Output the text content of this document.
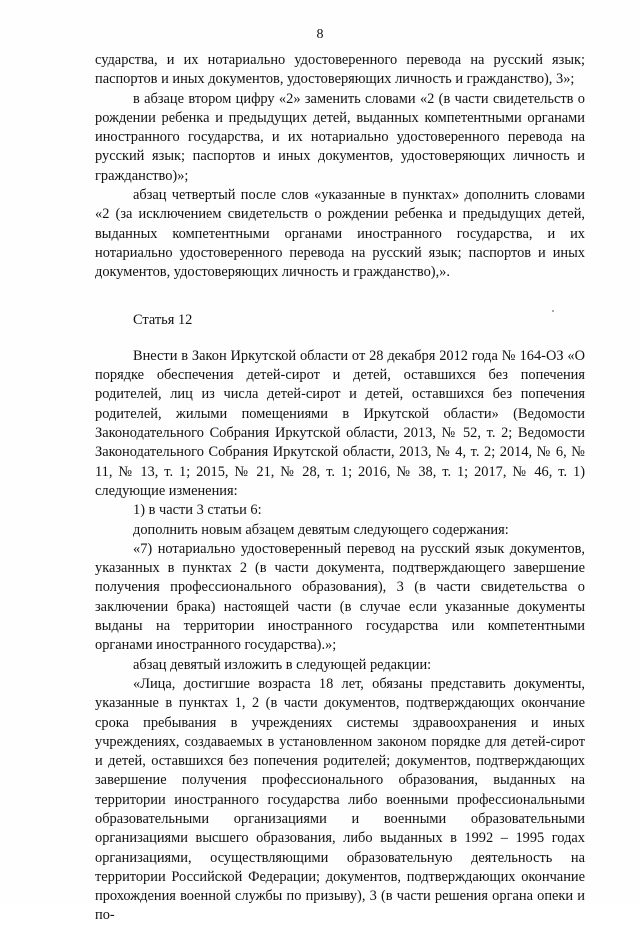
8

сударства, и их нотариально удостоверенного перевода на русский язык; паспортов и иных документов, удостоверяющих личность и гражданство), 3»;

в абзаце втором цифру «2» заменить словами «2 (в части свидетельств о рождении ребенка и предыдущих детей, выданных компетентными органами иностранного государства, и их нотариально удостоверенного перевода на русский язык; паспортов и иных документов, удостоверяющих личность и гражданство)»;

абзац четвертый после слов «указанные в пунктах» дополнить словами «2 (за исключением свидетельств о рождении ребенка и предыдущих детей, выданных компетентными органами иностранного государства, и их нотариально удостоверенного перевода на русский язык; паспортов и иных документов, удостоверяющих личность и гражданство),».

Статья 12

Внести в Закон Иркутской области от 28 декабря 2012 года № 164-ОЗ «О порядке обеспечения детей-сирот и детей, оставшихся без попечения родителей, лиц из числа детей-сирот и детей, оставшихся без попечения родителей, жилыми помещениями в Иркутской области» (Ведомости Законодательного Собрания Иркутской области, 2013, № 52, т. 2; Ведомости Законодательного Собрания Иркутской области, 2013, № 4, т. 2; 2014, № 6, № 11, № 13, т. 1; 2015, № 21, № 28, т. 1; 2016, № 38, т. 1; 2017, № 46, т. 1) следующие изменения:

1) в части 3 статьи 6:

дополнить новым абзацем девятым следующего содержания:

«7) нотариально удостоверенный перевод на русский язык документов, указанных в пунктах 2 (в части документа, подтверждающего завершение получения профессионального образования), 3 (в части свидетельства о заключении брака) настоящей части (в случае если указанные документы выданы на территории иностранного государства или компетентными органами иностранного государства).»;

абзац девятый изложить в следующей редакции:

«Лица, достигшие возраста 18 лет, обязаны представить документы, указанные в пунктах 1, 2 (в части документов, подтверждающих окончание срока пребывания в учреждениях системы здравоохранения и иных учреждениях, создаваемых в установленном законом порядке для детей-сирот и детей, оставшихся без попечения родителей; документов, подтверждающих завершение получения профессионального образования, выданных на территории иностранного государства либо военными профессиональными образовательными организациями и военными образовательными организациями высшего образования, либо выданных в 1992 – 1995 годах организациями, осуществляющими образовательную деятельность на территории Российской Федерации; документов, подтверждающих окончание прохождения военной службы по призыву), 3 (в части решения органа опеки и по-
